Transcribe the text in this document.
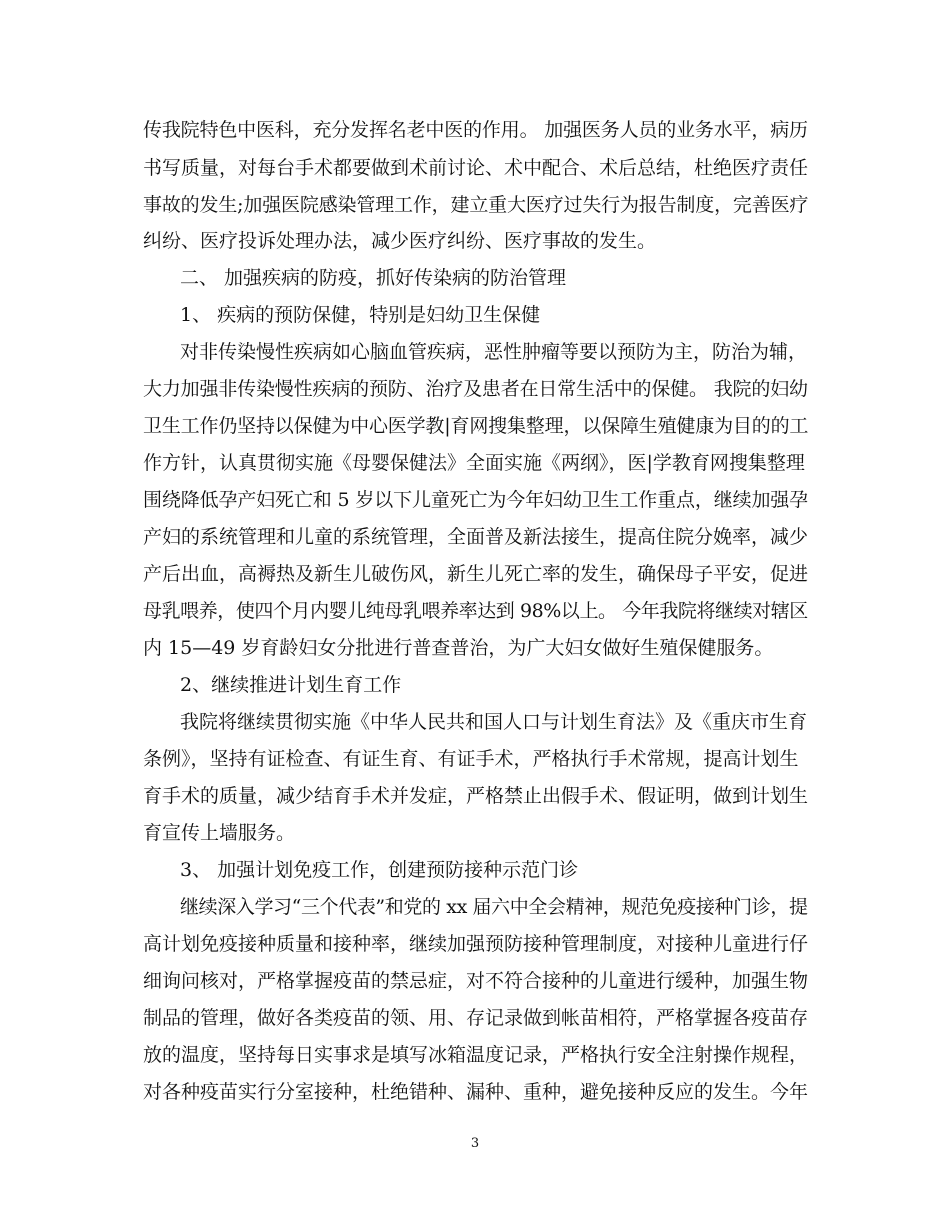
传我院特色中医科，充分发挥名老中医的作用。 加强医务人员的业务水平，病历
书写质量，对每台手术都要做到术前讨论、术中配合、术后总结，杜绝医疗责任
事故的发生;加强医院感染管理工作，建立重大医疗过失行为报告制度，完善医疗
纠纷、医疗投诉处理办法，减少医疗纠纷、医疗事故的发生。
二、 加强疾病的防疫，抓好传染病的防治管理
1、 疾病的预防保健，特别是妇幼卫生保健
对非传染慢性疾病如心脑血管疾病，恶性肿瘤等要以预防为主，防治为辅，
大力加强非传染慢性疾病的预防、治疗及患者在日常生活中的保健。 我院的妇幼
卫生工作仍坚持以保健为中心医学教|育网搜集整理，以保障生殖健康为目的的工
作方针，认真贯彻实施《母婴保健法》全面实施《两纲》，医|学教育网搜集整理
围绕降低孕产妇死亡和 5 岁以下儿童死亡为今年妇幼卫生工作重点，继续加强孕
产妇的系统管理和儿童的系统管理，全面普及新法接生，提高住院分娩率，减少
产后出血，高褥热及新生儿破伤风，新生儿死亡率的发生，确保母子平安，促进
母乳喂养，使四个月内婴儿纯母乳喂养率达到 98%以上。 今年我院将继续对辖区
内 15—49 岁育龄妇女分批进行普查普治，为广大妇女做好生殖保健服务。
2、继续推进计划生育工作
我院将继续贯彻实施《中华人民共和国人口与计划生育法》及《重庆市生育
条例》，坚持有证检查、有证生育、有证手术，严格执行手术常规，提高计划生
育手术的质量，减少结育手术并发症，严格禁止出假手术、假证明，做到计划生
育宣传上墙服务。
3、 加强计划免疫工作，创建预防接种示范门诊
继续深入学习“三个代表”和党的 xx 届六中全会精神，规范免疫接种门诊，提
高计划免疫接种质量和接种率，继续加强预防接种管理制度，对接种儿童进行仔
细询问核对，严格掌握疫苗的禁忌症，对不符合接种的儿童进行缓种，加强生物
制品的管理，做好各类疫苗的领、用、存记录做到帐苗相符，严格掌握各疫苗存
放的温度，坚持每日实事求是填写冰箱温度记录，严格执行安全注射操作规程，
对各种疫苗实行分室接种，杜绝错种、漏种、重种，避免接种反应的发生。今年
3
